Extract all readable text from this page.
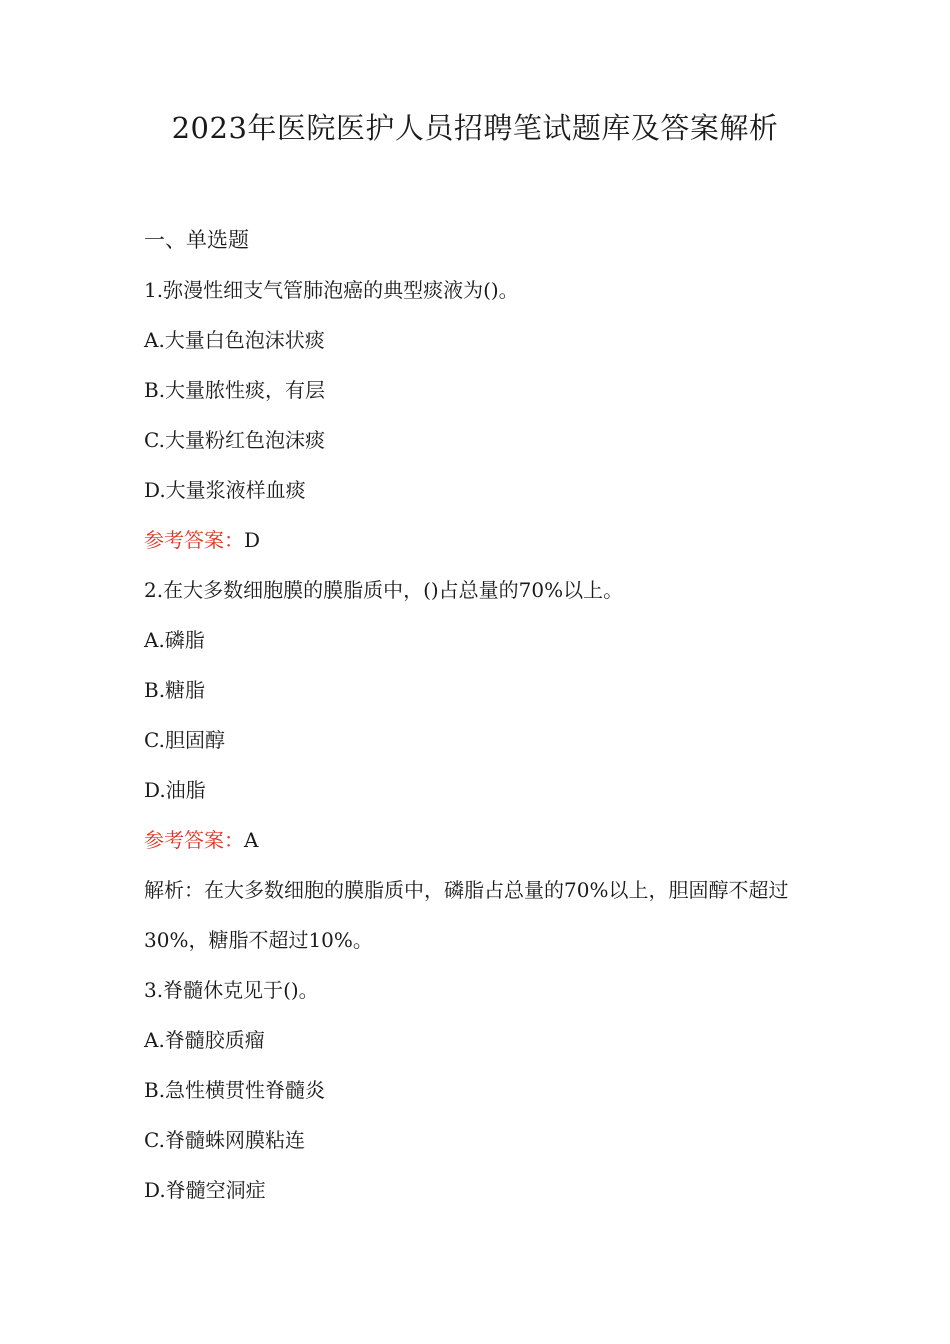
2023年医院医护人员招聘笔试题库及答案解析
一、单选题

1.弥漫性细支气管肺泡癌的典型痰液为()。

A.大量白色泡沫状痰

B.大量脓性痰，有层

C.大量粉红色泡沫痰

D.大量浆液样血痰

参考答案：D

2.在大多数细胞膜的膜脂质中，()占总量的70%以上。

A.磷脂

B.糖脂

C.胆固醇

D.油脂

参考答案：A

解析：在大多数细胞的膜脂质中，磷脂占总量的70%以上，胆固醇不超过30%，糖脂不超过10%。

3.脊髓休克见于()。

A.脊髓胶质瘤

B.急性横贯性脊髓炎

C.脊髓蛛网膜粘连

D.脊髓空洞症
